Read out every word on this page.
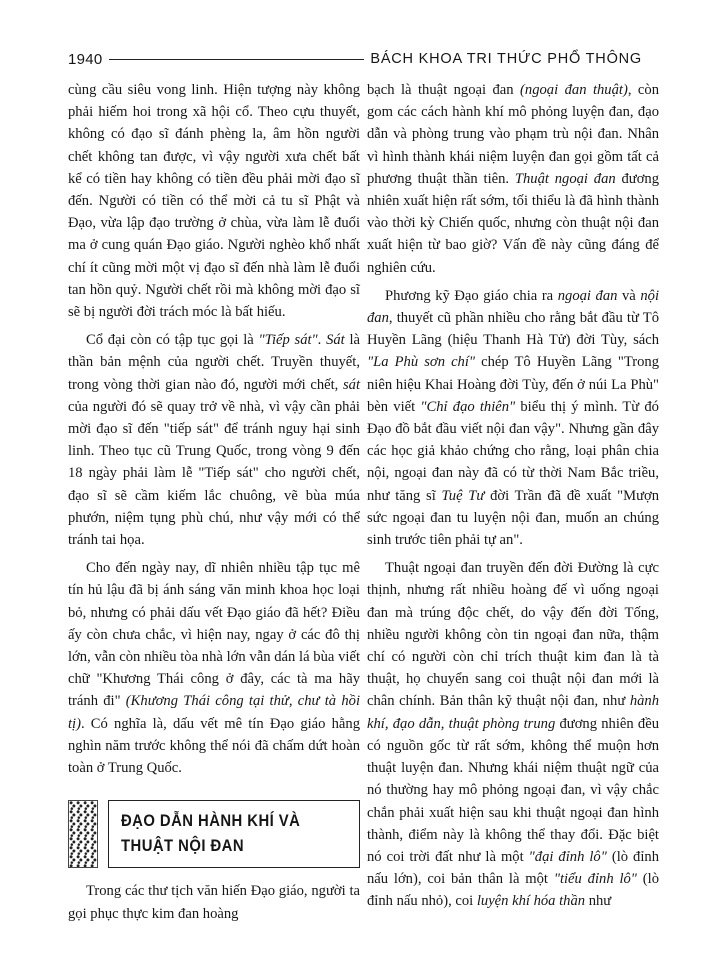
1940	BÁCH KHOA TRI THỨC PHỔ THÔNG

cùng cầu siêu vong linh. Hiện tượng này không phải hiếm hoi trong xã hội cổ. Theo cựu thuyết, không có đạo sĩ đánh phèng la, âm hồn người chết không tan được, vì vậy người xưa chết bất kể có tiền hay không có tiền đều phải mời đạo sĩ đến. Người có tiền có thể mời cả tu sĩ Phật và Đạo, vừa lập đạo trường ở chùa, vừa làm lễ đuổi ma ở cung quán Đạo giáo. Người nghèo khổ nhất chí ít cũng mời một vị đạo sĩ đến nhà làm lễ đuổi tan hồn quỷ. Người chết rồi mà không mời đạo sĩ sẽ bị người đời trách móc là bất hiếu.

Cổ đại còn có tập tục gọi là "Tiếp sát". Sát là thần bản mệnh của người chết. Truyền thuyết, trong vòng thời gian nào đó, người mới chết, sát của người đó sẽ quay trở về nhà, vì vậy cần phải mời đạo sĩ đến "tiếp sát" để tránh nguy hại sinh linh. Theo tục cũ Trung Quốc, trong vòng 9 đến 18 ngày phải làm lễ "Tiếp sát" cho người chết, đạo sĩ sẽ cầm kiếm lắc chuông, vẽ bùa múa phướn, niệm tụng phù chú, như vậy mới có thể tránh tai họa.

Cho đến ngày nay, dĩ nhiên nhiều tập tục mê tín hủ lậu đã bị ánh sáng văn minh khoa học loại bỏ, nhưng có phải dấu vết Đạo giáo đã hết? Điều ấy còn chưa chắc, vì hiện nay, ngay ở các đô thị lớn, vẫn còn nhiều tòa nhà lớn vẫn dán lá bùa viết chữ "Khương Thái công ở đây, các tà ma hãy tránh đi" (Khương Thái công tại thử, chư tà hồi tị). Có nghĩa là, dấu vết mê tín Đạo giáo hằng nghìn năm trước không thể nói đã chấm dứt hoàn toàn ở Trung Quốc.

ĐẠO DẪN HÀNH KHÍ VÀ
THUẬT NỘI ĐAN

Trong các thư tịch văn hiến Đạo giáo, người ta gọi phục thực kim đan hoàng

bạch là thuật ngoại đan (ngoại đan thuật), còn gom các cách hành khí mô phỏng luyện đan, đạo dẫn và phòng trung vào phạm trù nội đan. Nhân vì hình thành khái niệm luyện đan gọi gồm tất cả phương thuật thần tiên. Thuật ngoại đan đương nhiên xuất hiện rất sớm, tối thiểu là đã hình thành vào thời kỳ Chiến quốc, nhưng còn thuật nội đan xuất hiện từ bao giờ? Vấn đề này cũng đáng để nghiên cứu.

Phương kỹ Đạo giáo chia ra ngoại đan và nội đan, thuyết cũ phần nhiều cho rằng bắt đầu từ Tô Huyền Lãng (hiệu Thanh Hà Tử) đời Tùy, sách "La Phù sơn chí" chép Tô Huyền Lãng "Trong niên hiệu Khai Hoàng đời Tùy, đến ở núi La Phù" bèn viết "Chỉ đạo thiên" biểu thị ý mình. Từ đó Đạo đồ bắt đầu viết nội đan vậy". Nhưng gần đây các học giả khảo chứng cho rằng, loại phân chia nội, ngoại đan này đã có từ thời Nam Bắc triều, như tăng sĩ Tuệ Tư đời Trần đã đề xuất "Mượn sức ngoại đan tu luyện nội đan, muốn an chúng sinh trước tiên phải tự an".

Thuật ngoại đan truyền đến đời Đường là cực thịnh, nhưng rất nhiều hoàng đế vì uống ngoại đan mà trúng độc chết, do vậy đến đời Tống, nhiều người không còn tin ngoại đan nữa, thậm chí có người còn chỉ trích thuật kim đan là tà thuật, họ chuyển sang coi thuật nội đan mới là chân chính. Bản thân kỹ thuật nội đan, như hành khí, đạo dẫn, thuật phòng trung đương nhiên đều có nguồn gốc từ rất sớm, không thể muộn hơn thuật luyện đan. Nhưng khái niệm thuật ngữ của nó thường hay mô phỏng ngoại đan, vì vậy chắc chắn phải xuất hiện sau khi thuật ngoại đan hình thành, điểm này là không thể thay đổi. Đặc biệt nó coi trời đất như là một "đại đỉnh lô" (lò đỉnh nấu lớn), coi bản thân là một "tiểu đỉnh lô" (lò đỉnh nấu nhỏ), coi luyện khí hóa thần như
